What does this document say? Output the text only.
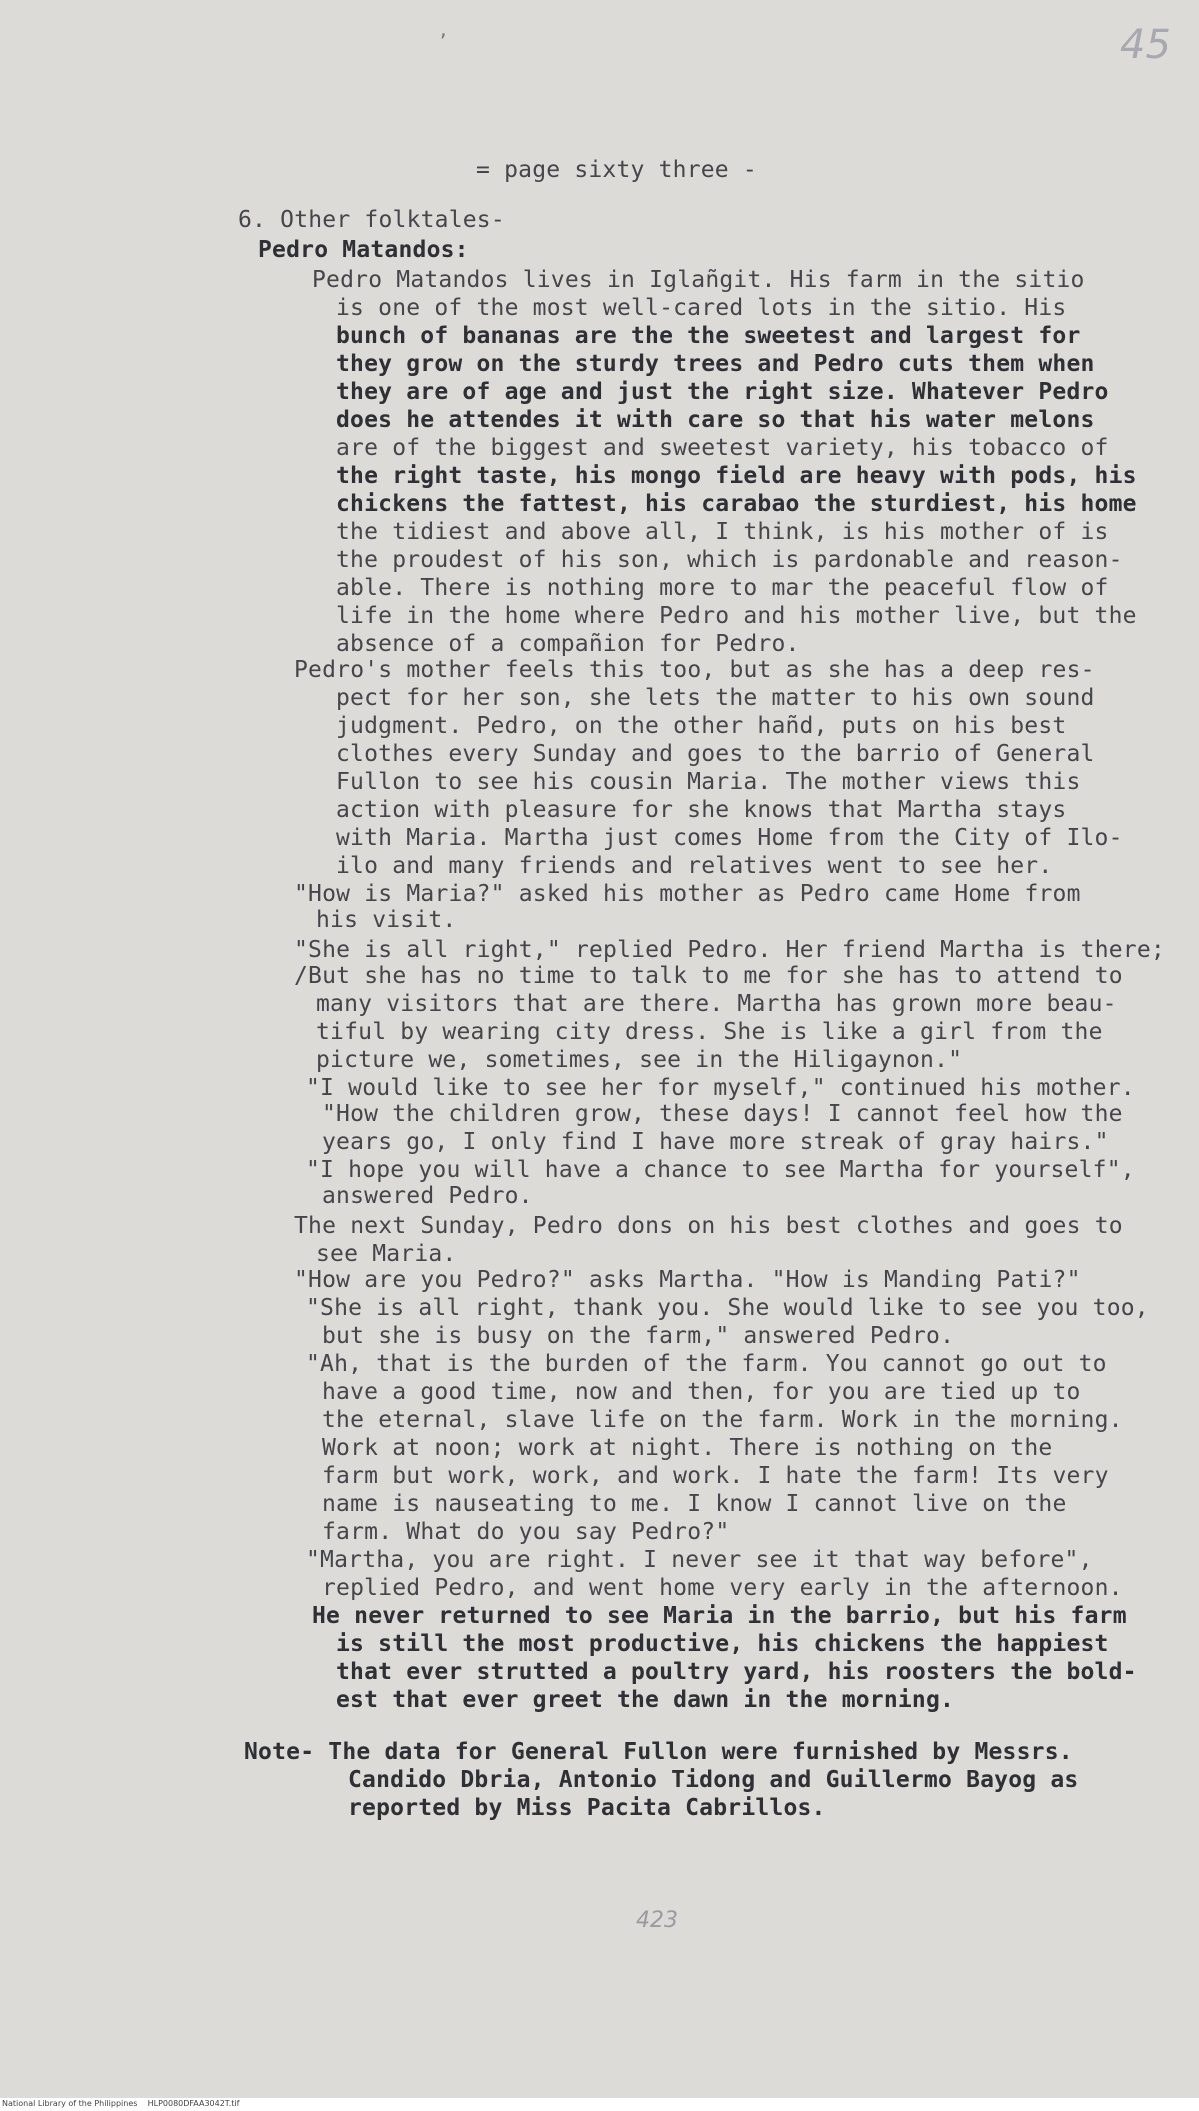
45
,
= page sixty three -
6. Other folktales-
Pedro Matandos:
Pedro Matandos lives in Iglañgit. His farm in the sitio
is one of the most well-cared lots in the sitio. His
bunch of bananas are the the sweetest and largest for
they grow on the sturdy trees and Pedro cuts them when
they are of age and just the right size. Whatever Pedro
does he attendes it with care so that his water melons
are of the biggest and sweetest variety, his tobacco of
the right taste, his mongo field are heavy with pods, his
chickens the fattest, his carabao the sturdiest, his home
the tidiest and above all, I think, is his mother of is
the proudest of his son, which is pardonable and reason-
able. There is nothing more to mar the peaceful flow of
life in the home where Pedro and his mother live, but the
absence of a compañion for Pedro.
Pedro's mother feels this too, but as she has a deep res-
pect for her son, she lets the matter to his own sound
judgment. Pedro, on the other hañd, puts on his best
clothes every Sunday and goes to the barrio of General
Fullon to see his cousin Maria. The mother views this
action with pleasure for she knows that Martha stays
with Maria. Martha just comes Home from the City of Ilo-
ilo and many friends and relatives went to see her.
"How is Maria?" asked his mother as Pedro came Home from
his visit.
"She is all right," replied Pedro. Her friend Martha is there;
/But she has no time to talk to me for she has to attend to
many visitors that are there. Martha has grown more beau-
tiful by wearing city dress. She is like a girl from the
picture we, sometimes, see in the Hiligaynon."
"I would like to see her for myself," continued his mother.
"How the children grow, these days! I cannot feel how the
years go, I only find I have more streak of gray hairs."
"I hope you will have a chance to see Martha for yourself",
answered Pedro.
The next Sunday, Pedro dons on his best clothes and goes to
see Maria.
"How are you Pedro?" asks Martha. "How is Manding Pati?"
"She is all right, thank you. She would like to see you too,
but she is busy on the farm," answered Pedro.
"Ah, that is the burden of the farm. You cannot go out to
have a good time, now and then, for you are tied up to
the eternal, slave life on the farm. Work in the morning.
Work at noon; work at night. There is nothing on the
farm but work, work, and work. I hate the farm! Its very
name is nauseating to me. I know I cannot live on the
farm. What do you say Pedro?"
"Martha, you are right. I never see it that way before",
replied Pedro, and went home very early in the afternoon.
He never returned to see Maria in the barrio, but his farm
is still the most productive, his chickens the happiest
that ever strutted a poultry yard, his roosters the bold-
est that ever greet the dawn in the morning.
Note- The data for General Fullon were furnished by Messrs.
Candido Dbria, Antonio Tidong and Guillermo Bayog as
reported by Miss Pacita Cabrillos.
423
National Library of the Philippines    HLP0080DFAA3042T.tif
